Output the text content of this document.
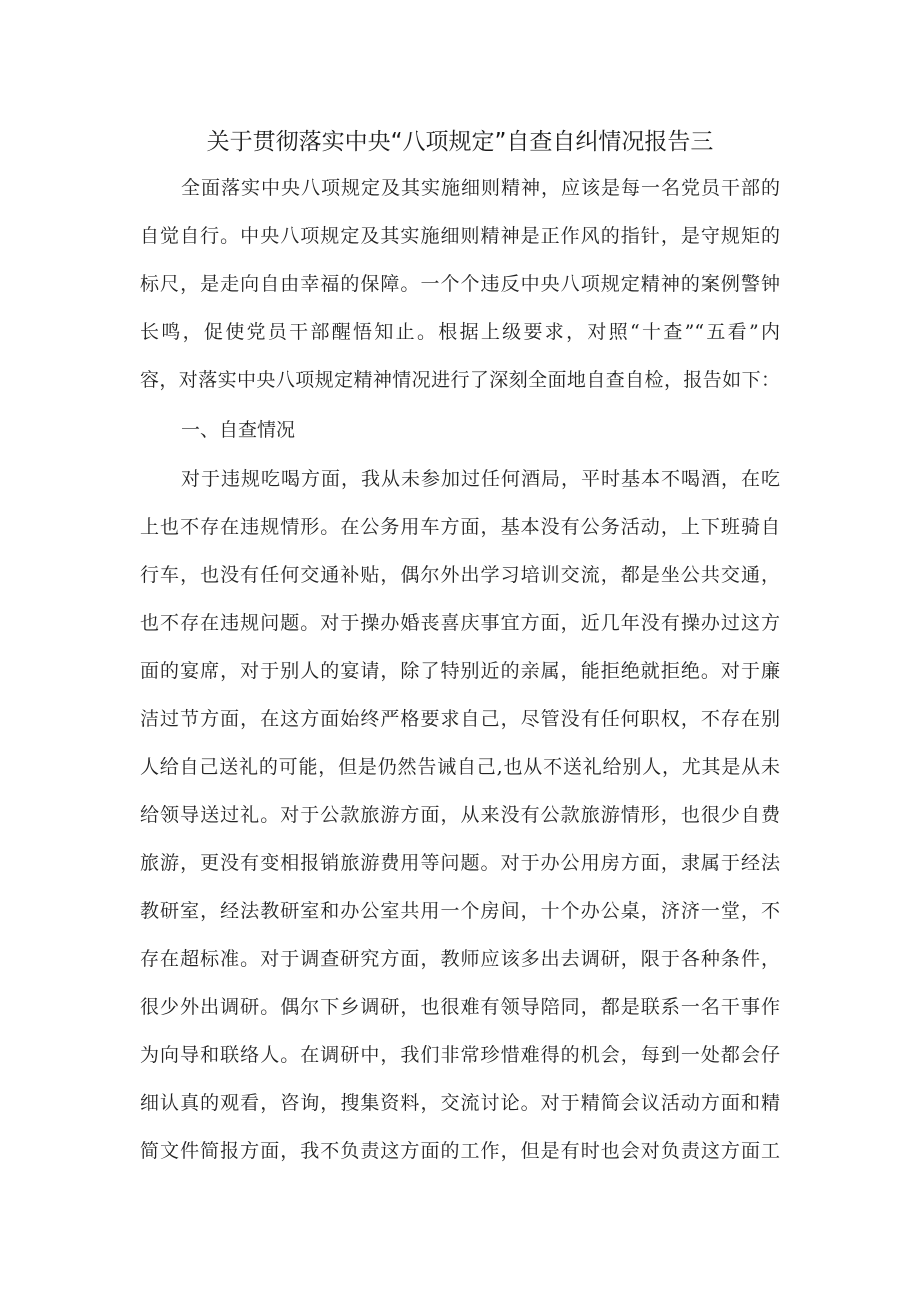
关于贯彻落实中央“八项规定”自查自纠情况报告三
全面落实中央八项规定及其实施细则精神，应该是每一名党员干部的
自觉自行。中央八项规定及其实施细则精神是正作风的指针，是守规矩的
标尺，是走向自由幸福的保障。一个个违反中央八项规定精神的案例警钟
长鸣，促使党员干部醒悟知止。根据上级要求，对照“十查”“五看”内
容，对落实中央八项规定精神情况进行了深刻全面地自查自检，报告如下：
一、自查情况
对于违规吃喝方面，我从未参加过任何酒局，平时基本不喝酒，在吃
上也不存在违规情形。在公务用车方面，基本没有公务活动，上下班骑自
行车，也没有任何交通补贴，偶尔外出学习培训交流，都是坐公共交通，
也不存在违规问题。对于操办婚丧喜庆事宜方面，近几年没有操办过这方
面的宴席，对于别人的宴请，除了特别近的亲属，能拒绝就拒绝。对于廉
洁过节方面，在这方面始终严格要求自己，尽管没有任何职权，不存在别
人给自己送礼的可能，但是仍然告诫自己,也从不送礼给别人，尤其是从未
给领导送过礼。对于公款旅游方面，从来没有公款旅游情形，也很少自费
旅游，更没有变相报销旅游费用等问题。对于办公用房方面，隶属于经法
教研室，经法教研室和办公室共用一个房间，十个办公桌，济济一堂，不
存在超标准。对于调查研究方面，教师应该多出去调研，限于各种条件，
很少外出调研。偶尔下乡调研，也很难有领导陪同，都是联系一名干事作
为向导和联络人。在调研中，我们非常珍惜难得的机会，每到一处都会仔
细认真的观看，咨询，搜集资料，交流讨论。对于精简会议活动方面和精
简文件简报方面，我不负责这方面的工作，但是有时也会对负责这方面工
